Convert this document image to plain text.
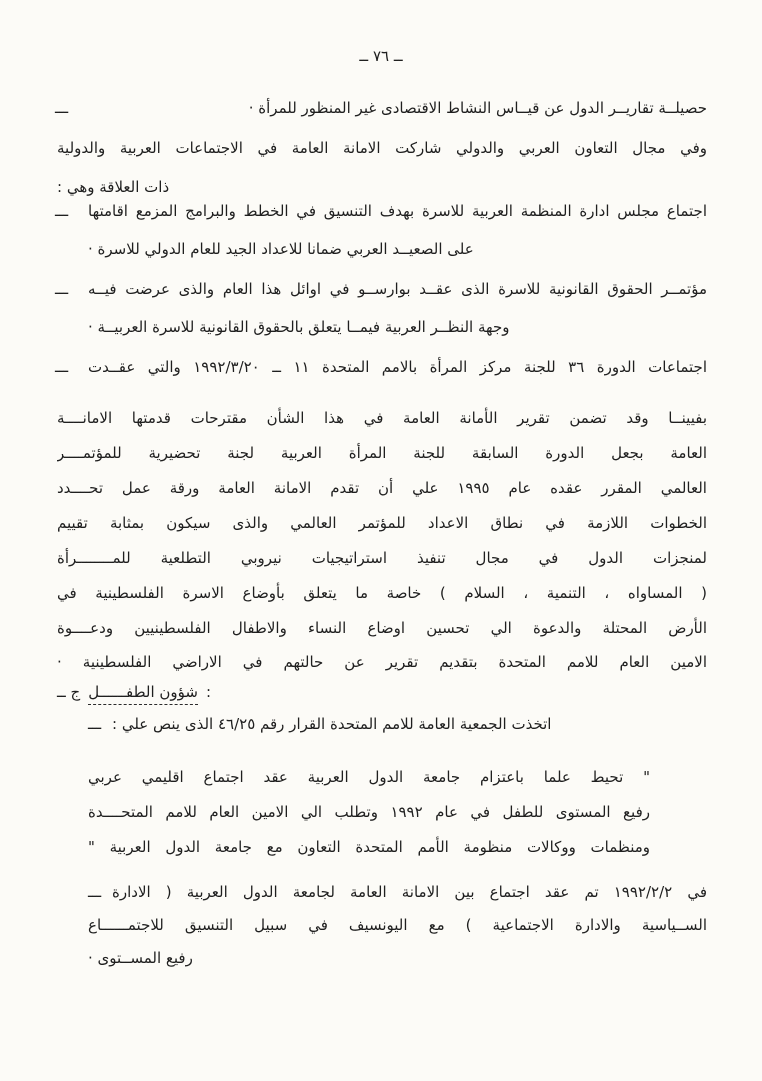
ــ ٧٦ ــ
ـــ	حصيلــة تقاريــر الدول عن قيــاس النشاط الاقتصادى غير المنظور للمرأة ·
وفي مجال التعاون العربي والدولي شاركت الامانة العامة في الاجتماعات العربية والدولية
ذات العلاقة وهي :
ـــ اجتماع مجلس ادارة المنظمة العربية للاسرة بهدف التنسيق في الخطط والبرامج المزمع اقامتها
على الصعيــد العربي ضمانا للاعداد الجيد للعام الدولي للاسرة ·
ـــ مؤتمــر الحقوق القانونية للاسرة الذى عقــد بوارســو في اوائل هذا العام والذى عرضت فيــه
وجهة النظــر العربية فيمــا يتعلق بالحقوق القانونية للاسرة العربيــة ·
ـــ اجتماعات الدورة ٣٦ للجنة مركز المرأة بالامم المتحدة ١١ ــ ١٩٩٢/٣/٢٠ والتي عقــدت
بفيينــا وقد تضمن تقرير الأمانة العامة في هذا الشأن مقترحات قدمتها الامانــــة
العامة بجعل الدورة السابقة للجنة المرأة العربية لجنة تحضيرية للمؤتمــــر
العالمي المقرر عقده عام ١٩٩٥ علي أن تقدم الامانة العامة ورقة عمل تحــــدد
الخطوات اللازمة في نطاق الاعداد للمؤتمر العالمي والذى سيكون بمثابة تقييم
لمنجزات الدول في مجال تنفيذ استراتيجيات نيروبي التطلعية للمــــــــرأة
( المساواه ، التنمية ، السلام ) خاصة ما يتعلق بأوضاع الاسرة الفلسطينية في
الأرض المحتلة والدعوة الي تحسين اوضاع النساء والاطفال الفلسطينيين ودعــــوة
الامين العام للامم المتحدة بتقديم تقرير عن حالتهم في الاراضي الفلسطينية ·
ج ــ شؤون الطفــــــل :
ـــ اتخذت الجمعية العامة للامم المتحدة القرار رقم ٤٦/٢٥ الذى ينص علي :
" تحيط علما باعتزام جامعة الدول العربية عقد اجتماع اقليمي عربي
رفيع المستوى للطفل في عام ١٩٩٢ وتطلب الي الامين العام للامم المتحــــدة
ومنظمات ووكالات منظومة الأمم المتحدة التعاون مع جامعة الدول العربية "
ـــ في ١٩٩٢/٢/٢ تم عقد اجتماع بين الامانة العامة لجامعة الدول العربية ( الادارة
الســياسية والادارة الاجتماعية ) مع اليونسيف في سبيل التنسيق للاجتمــــــاع
رفيع المســتوى ·
